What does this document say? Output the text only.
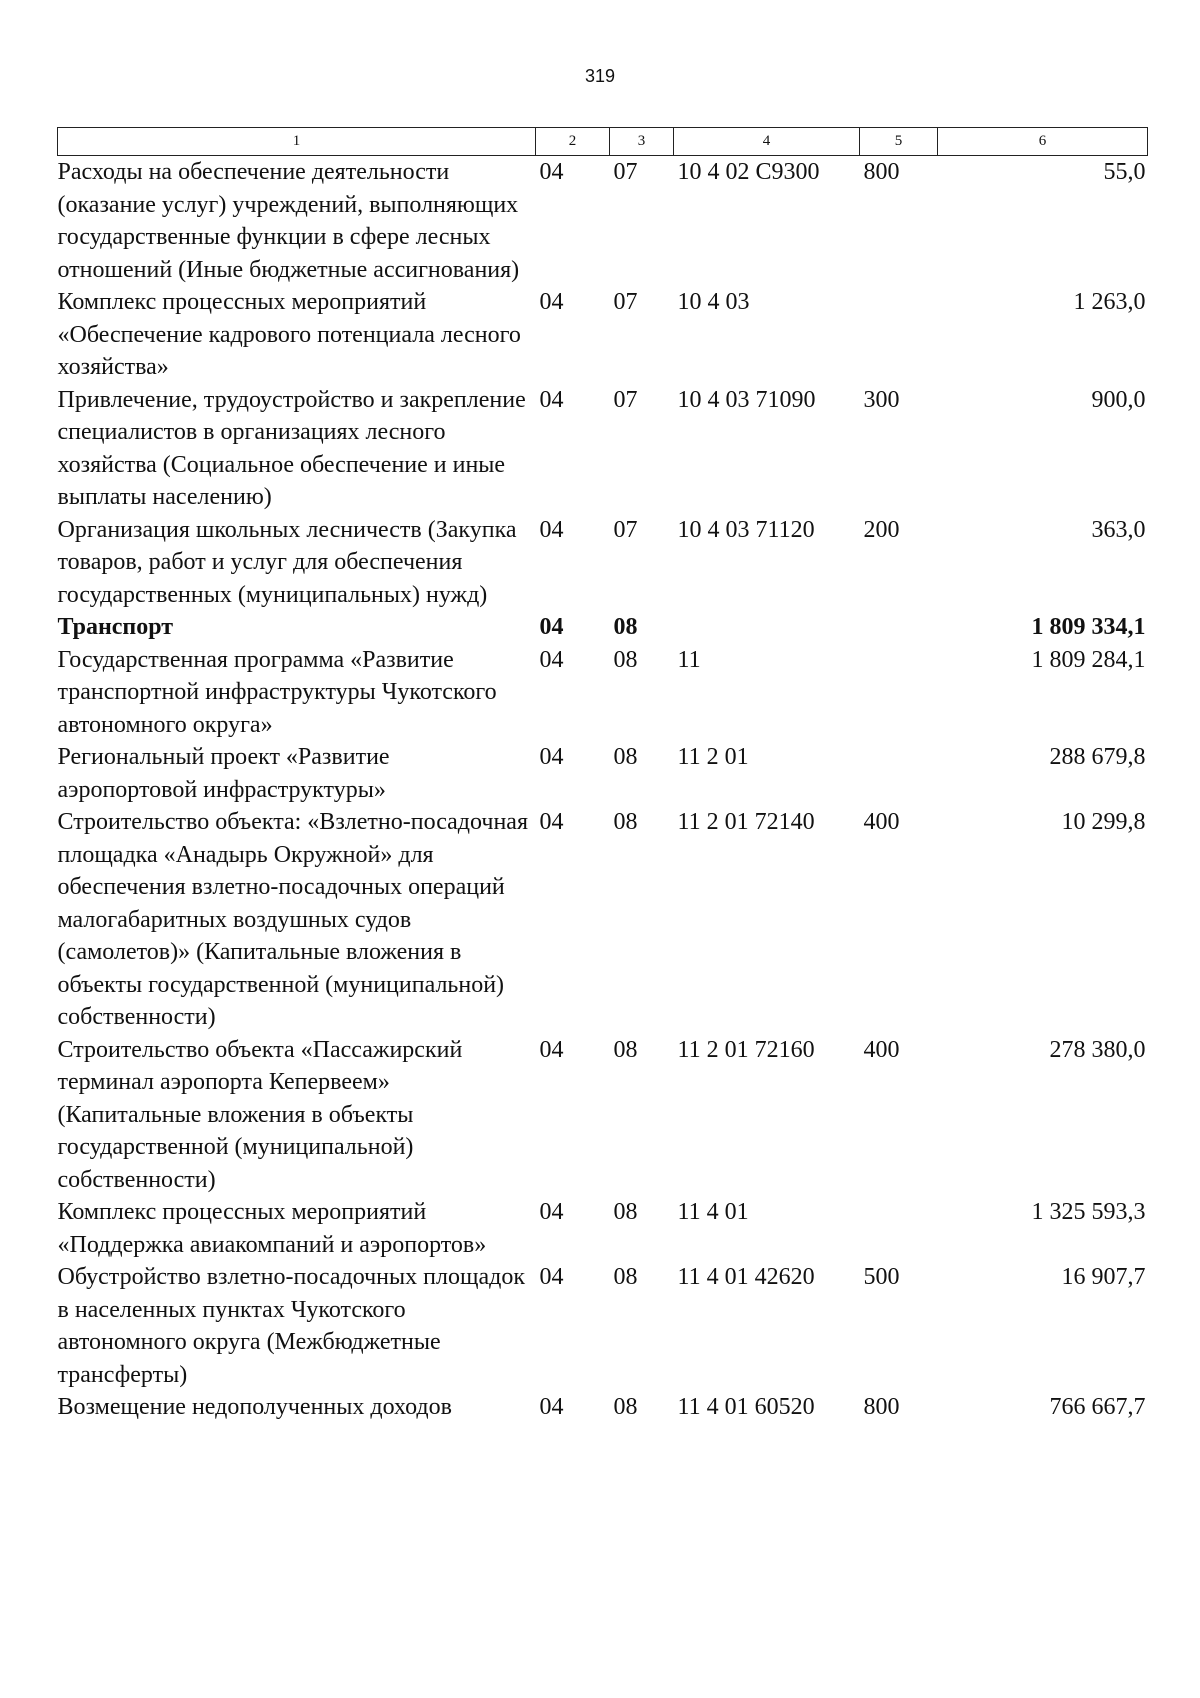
319
1	2	3	4	5	6
Расходы на обеспечение деятельности (оказание услуг) учреждений, выполняющих государственные функции в сфере лесных отношений (Иные бюджетные ассигнования)	04	07	10 4 02 C9300	800	55,0
Комплекс процессных мероприятий «Обеспечение кадрового потенциала лесного хозяйства»	04	07	10 4 03		1 263,0
Привлечение, трудоустройство и закрепление специалистов в организациях лесного хозяйства (Социальное обеспечение и иные выплаты населению)	04	07	10 4 03 71090	300	900,0
Организация школьных лесничеств (Закупка товаров, работ и услуг для обеспечения государственных (муниципальных) нужд)	04	07	10 4 03 71120	200	363,0
Транспорт	04	08			1 809 334,1
Государственная программа «Развитие транспортной инфраструктуры Чукотского автономного округа»	04	08	11		1 809 284,1
Региональный проект «Развитие аэропортовой инфраструктуры»	04	08	11 2 01		288 679,8
Строительство объекта: «Взлетно-посадочная площадка «Анадырь Окружной» для обеспечения взлетно-посадочных операций малогабаритных воздушных судов (самолетов)» (Капитальные вложения в объекты государственной (муниципальной) собственности)	04	08	11 2 01 72140	400	10 299,8
Строительство объекта «Пассажирский терминал аэропорта Кепервеем» (Капитальные вложения в объекты государственной (муниципальной) собственности)	04	08	11 2 01 72160	400	278 380,0
Комплекс процессных мероприятий «Поддержка авиакомпаний и аэропортов»	04	08	11 4 01		1 325 593,3
Обустройство взлетно-посадочных площадок в населенных пунктах Чукотского автономного округа (Межбюджетные трансферты)	04	08	11 4 01 42620	500	16 907,7
Возмещение недополученных доходов	04	08	11 4 01 60520	800	766 667,7
